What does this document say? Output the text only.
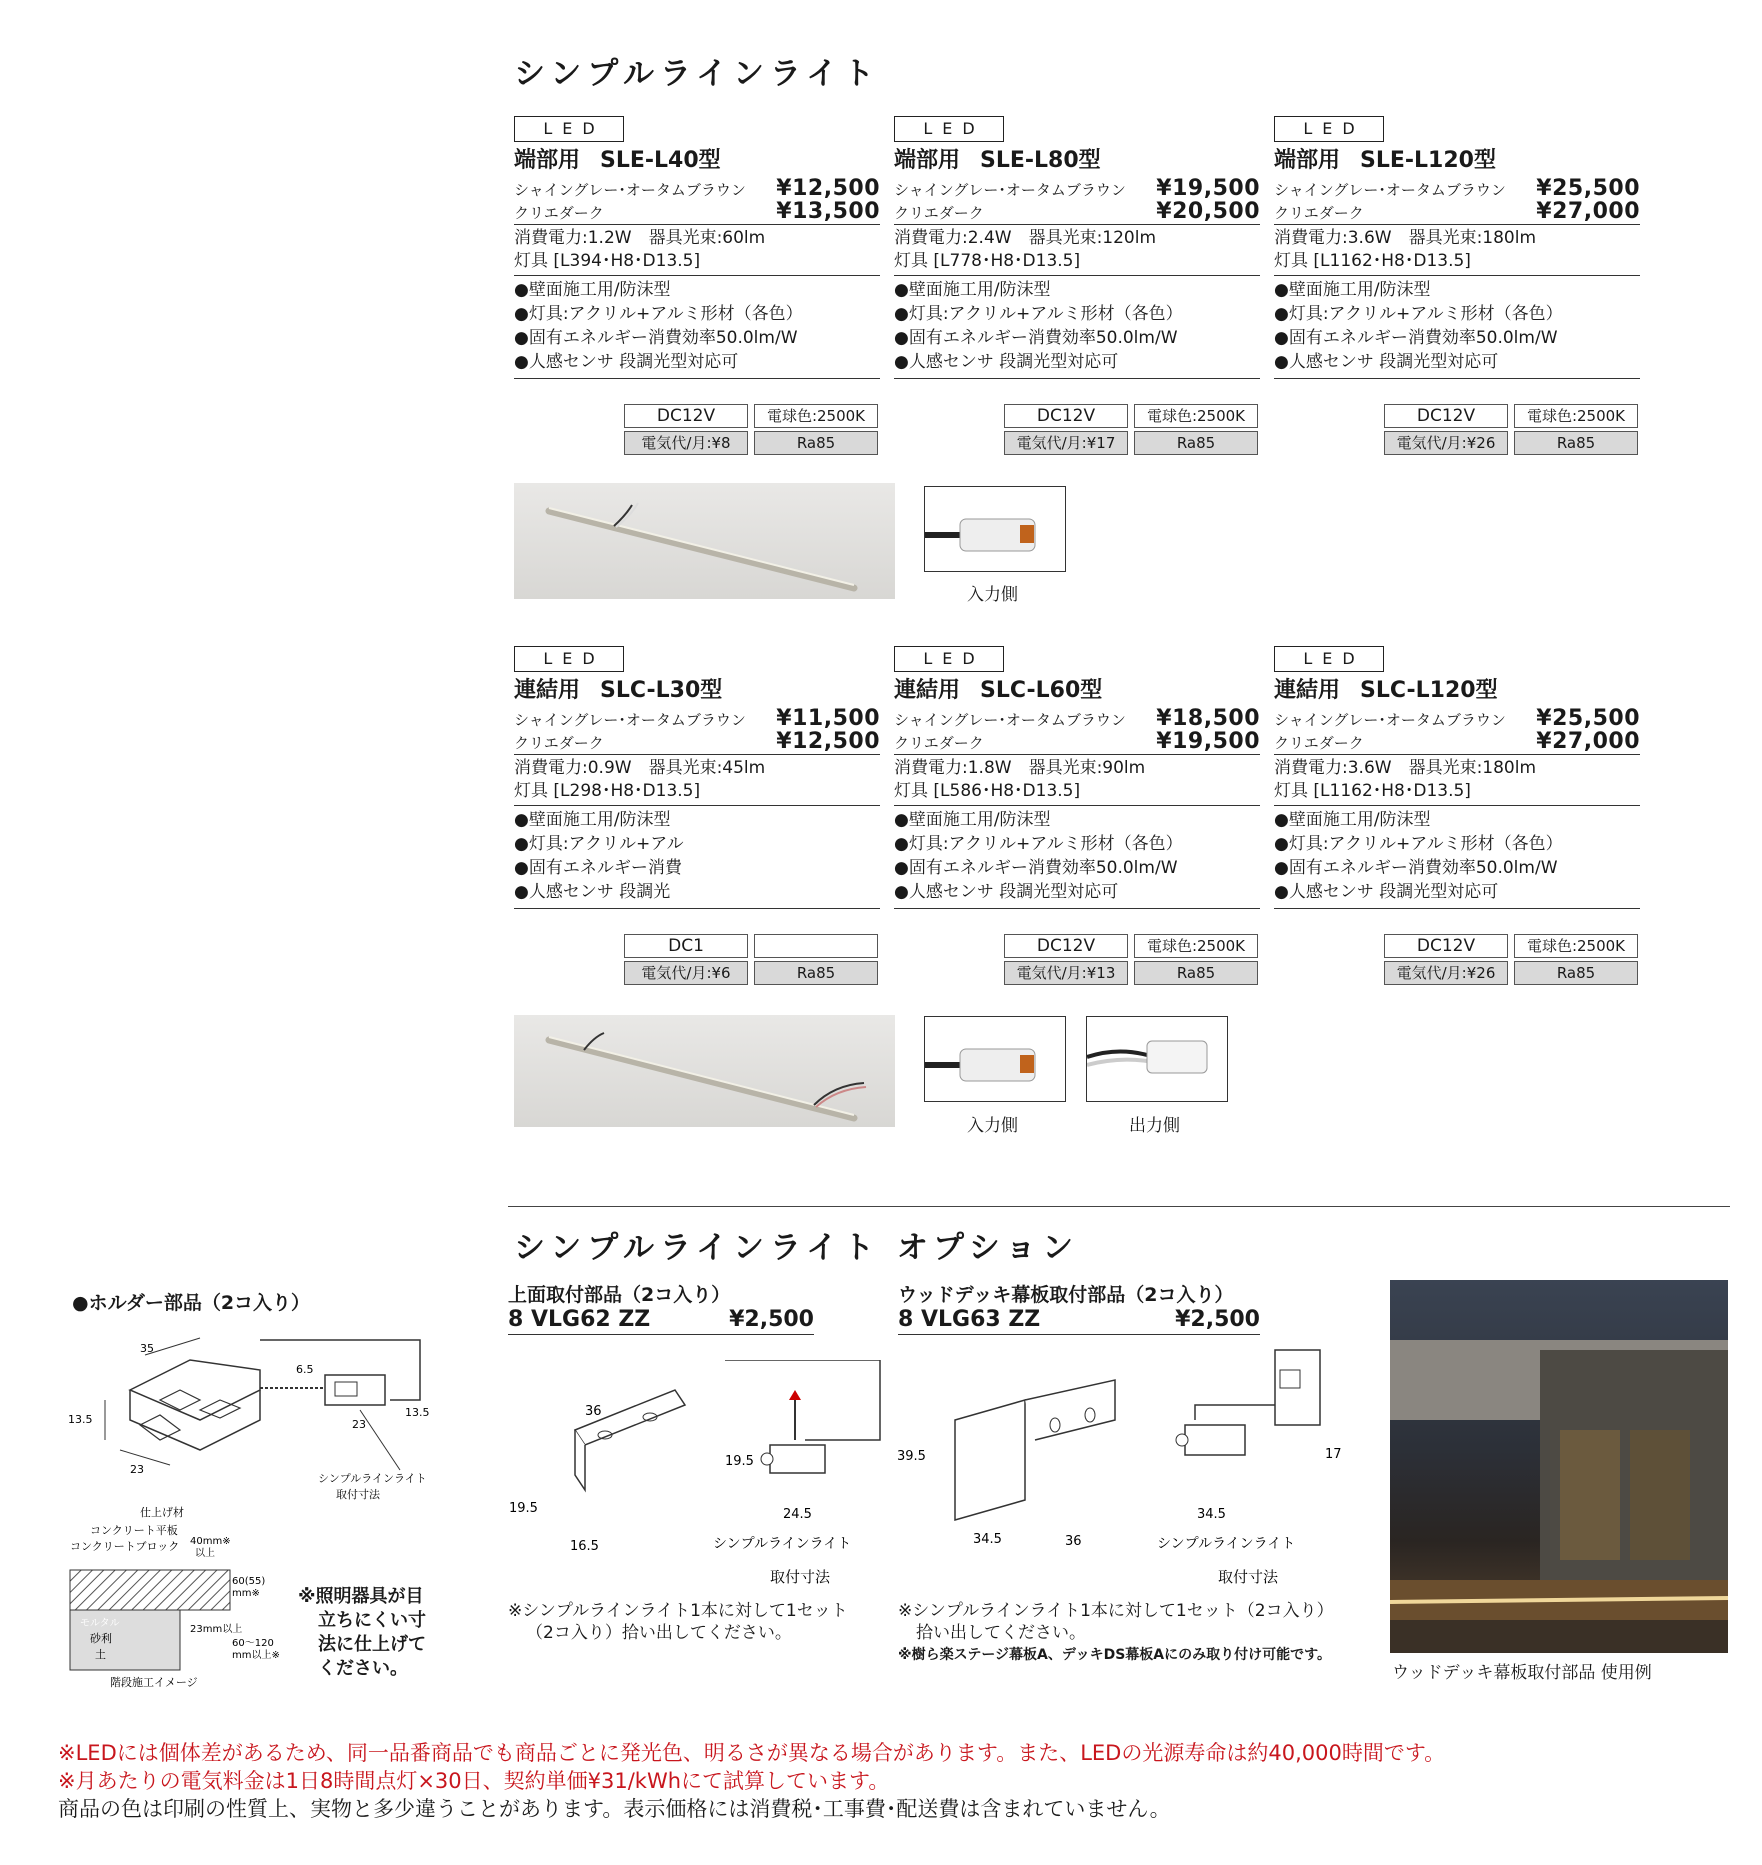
シンプルラインライト
LED
端部用 SLE-L40型
シャイングレー･オータムブラウン ¥12,500
クリエダーク	¥13,500
消費電力:1.2W　器具光束:60lm
灯具 [L394･H8･D13.5]
●壁面施工用/防沫型
●灯具:アクリル+アルミ形材（各色）
●固有エネルギー消費効率50.0lm/W
●人感センサ 段調光型対応可
DC12V	電球色:2500K
電気代/月:¥8	Ra85
LED
端部用 SLE-L80型
シャイングレー･オータムブラウン ¥19,500
クリエダーク	¥20,500
消費電力:2.4W　器具光束:120lm
灯具 [L778･H8･D13.5]
●壁面施工用/防沫型
●灯具:アクリル+アルミ形材（各色）
●固有エネルギー消費効率50.0lm/W
●人感センサ 段調光型対応可
DC12V	電球色:2500K
電気代/月:¥17	Ra85
LED
端部用 SLE-L120型
シャイングレー･オータムブラウン ¥25,500
クリエダーク	¥27,000
消費電力:3.6W　器具光束:180lm
灯具 [L1162･H8･D13.5]
●壁面施工用/防沫型
●灯具:アクリル+アルミ形材（各色）
●固有エネルギー消費効率50.0lm/W
●人感センサ 段調光型対応可
DC12V	電球色:2500K
電気代/月:¥26	Ra85
LED
連結用 SLC-L30型
シャイングレー･オータムブラウン ¥11,500
クリエダーク	¥12,500
消費電力:0.9W　器具光束:45lm
灯具 [L298･H8･D13.5]
●壁面施工用/防沫型
●灯具:アクリル+アル
●固有エネルギー消費
●人感センサ 段調光
DC1
電気代/月:¥6	Ra85
LED
連結用 SLC-L60型
シャイングレー･オータムブラウン ¥18,500
クリエダーク	¥19,500
消費電力:1.8W　器具光束:90lm
灯具 [L586･H8･D13.5]
●壁面施工用/防沫型
●灯具:アクリル+アルミ形材（各色）
●固有エネルギー消費効率50.0lm/W
●人感センサ 段調光型対応可
DC12V	電球色:2500K
電気代/月:¥13	Ra85
LED
連結用 SLC-L120型
シャイングレー･オータムブラウン ¥25,500
クリエダーク	¥27,000
消費電力:3.6W　器具光束:180lm
灯具 [L1162･H8･D13.5]
●壁面施工用/防沫型
●灯具:アクリル+アルミ形材（各色）
●固有エネルギー消費効率50.0lm/W
●人感センサ 段調光型対応可
DC12V	電球色:2500K
電気代/月:¥26	Ra85
入力側
入力側	出力側
シンプルラインライト オプション
●ホルダー部品（2コ入り）
35
13.5
23
6.5
13.5
23
シンプルラインライト
取付寸法
仕上げ材
コンクリート平板
コンクリートブロック 40mm※
以上
モルタル
砂利
土
60(55)
mm※
60～120
mm以上※
23mm以上
階段施工イメージ
※照明器具が目
立ちにくい寸
法に仕上げて
ください。
上面取付部品（2コ入り）
8 VLG62 ZZ	¥2,500
36
19.5
16.5
19.5
24.5
シンプルラインライト
取付寸法
※シンプルラインライト1本に対して1セット
（2コ入り）拾い出してください。
ウッドデッキ幕板取付部品（2コ入り）
8 VLG63 ZZ	¥2,500
39.5
34.5	36
17
34.5
シンプルラインライト
取付寸法
※シンプルラインライト1本に対して1セット（2コ入り）
拾い出してください。
※樹ら楽ステージ幕板A、デッキDS幕板Aにのみ取り付け可能です。
ウッドデッキ幕板取付部品 使用例
※LEDには個体差があるため、同一品番商品でも商品ごとに発光色、明るさが異なる場合があります。また、LEDの光源寿命は約40,000時間です。
※月あたりの電気料金は1日8時間点灯×30日、契約単価¥31/kWhにて試算しています。
商品の色は印刷の性質上、実物と多少違うことがあります。表示価格には消費税･工事費･配送費は含まれていません。
